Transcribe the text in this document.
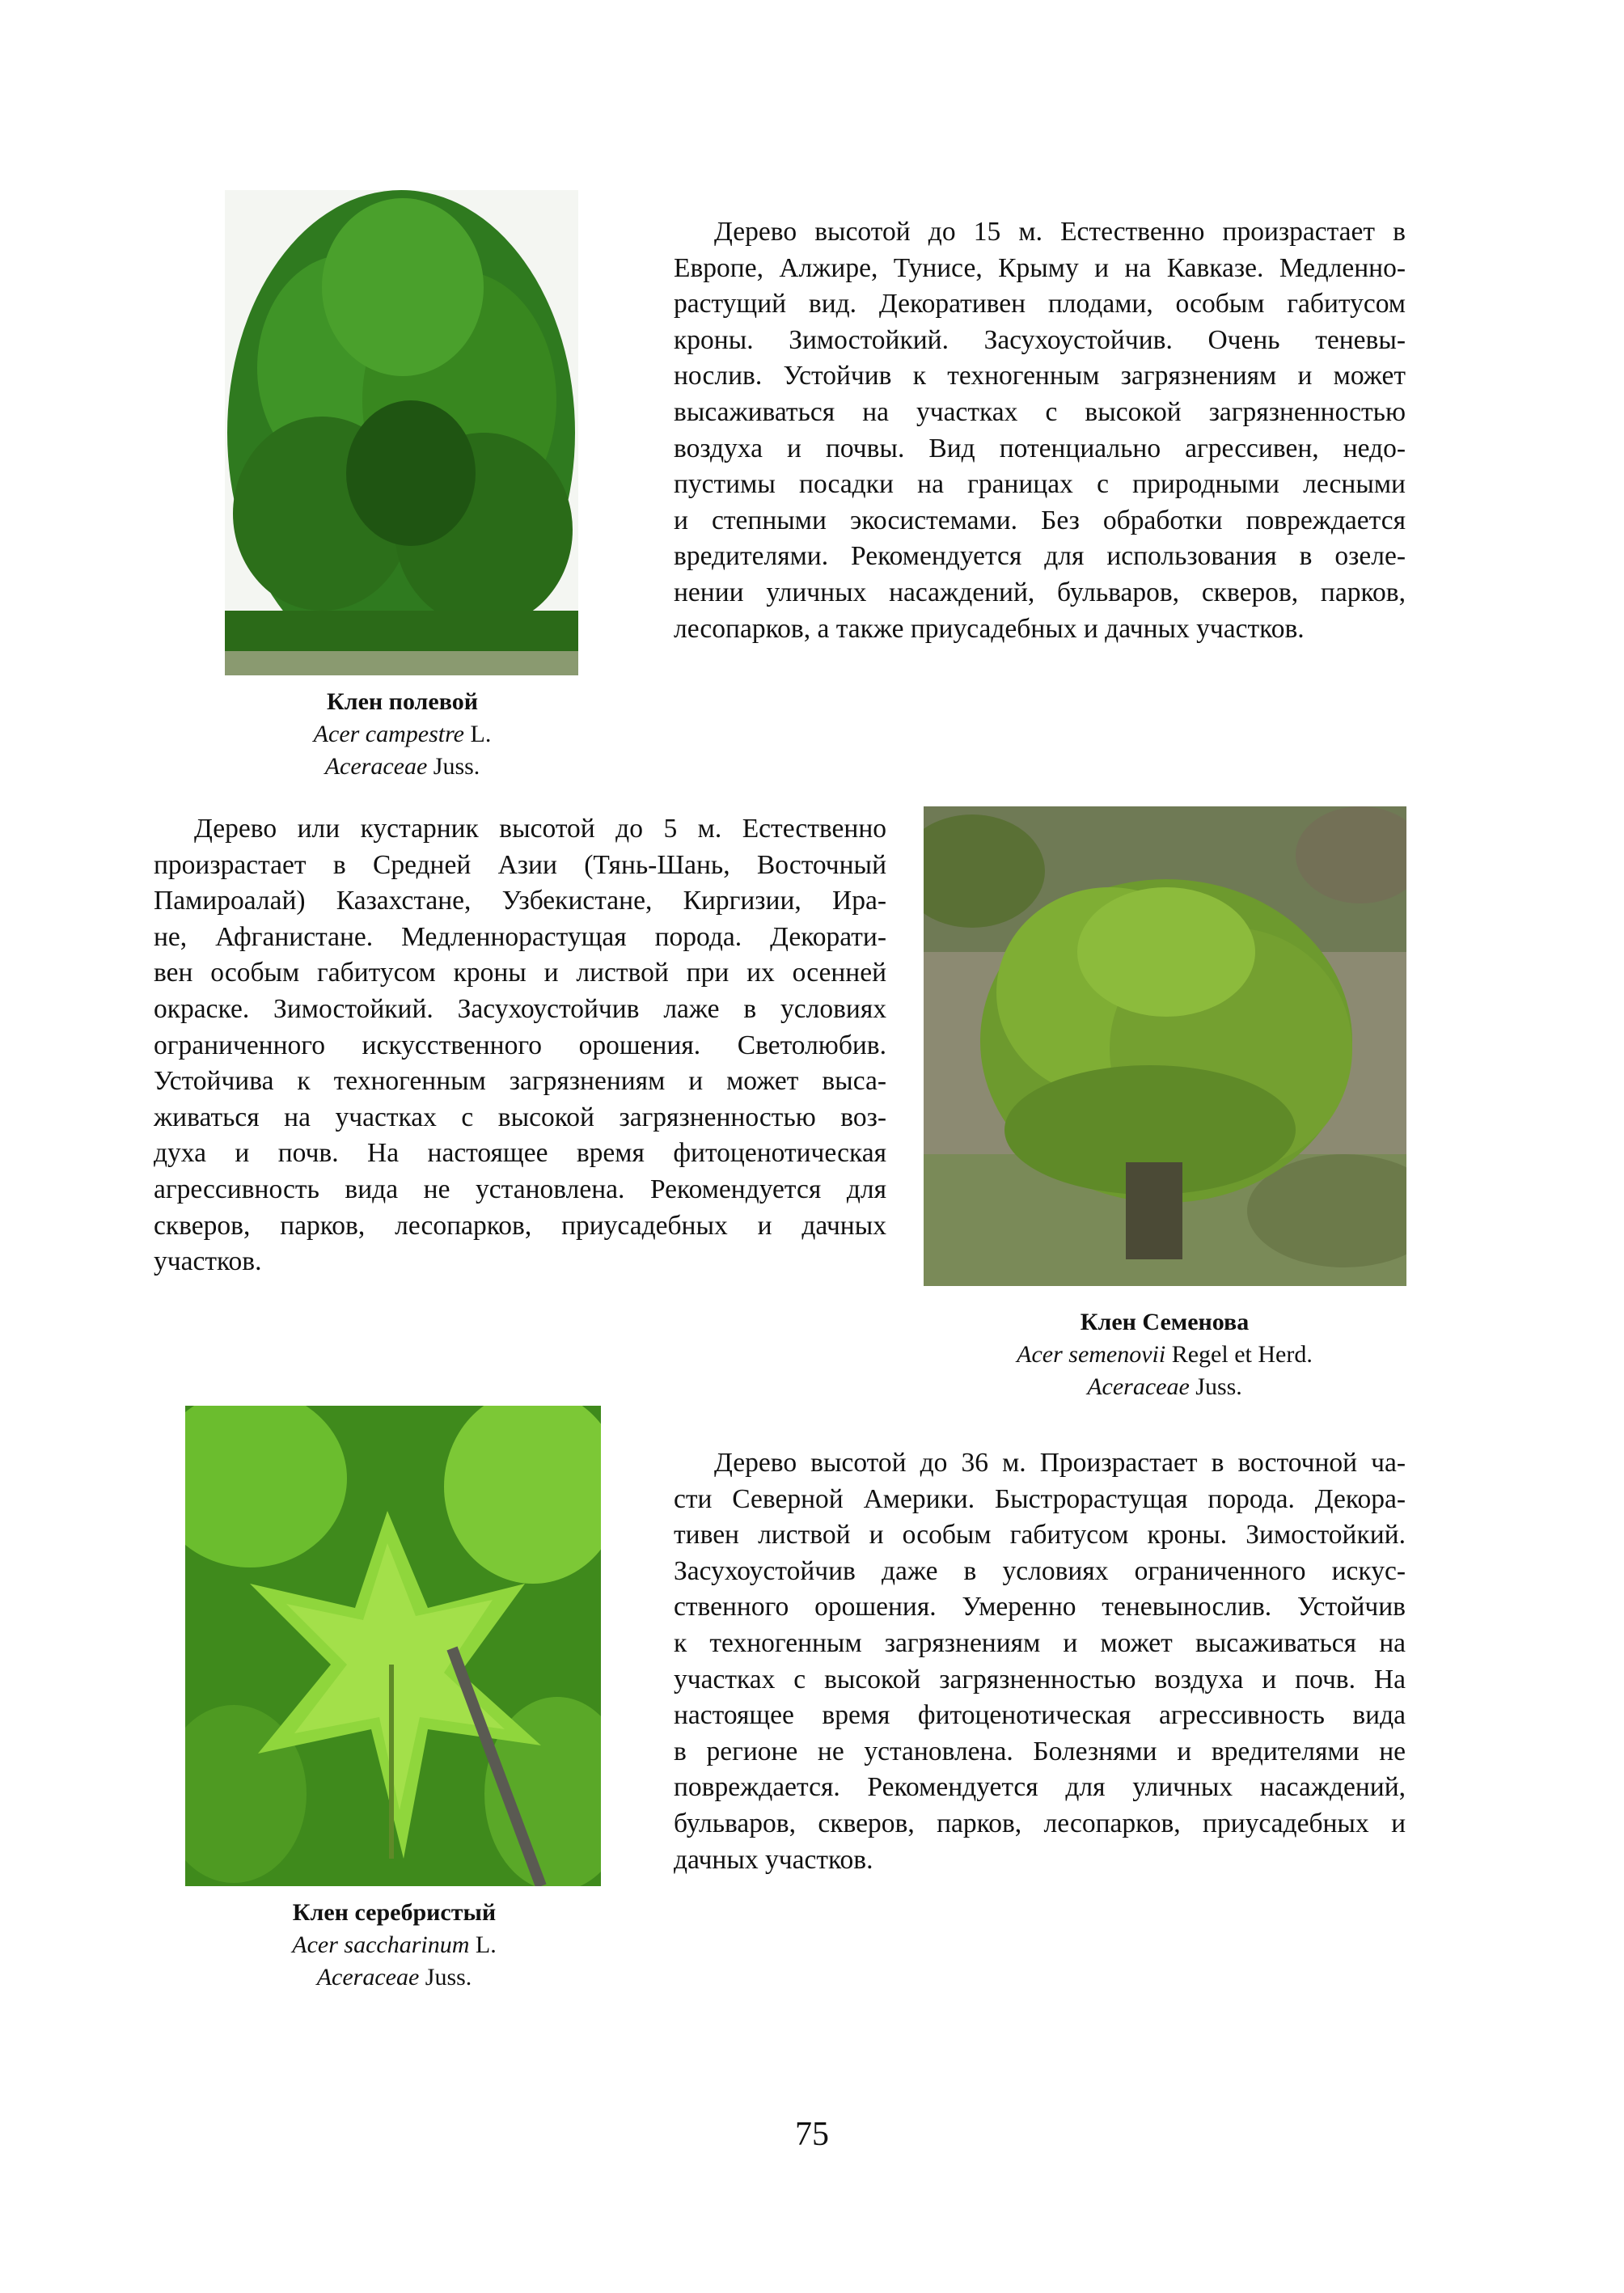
Дерево высотой до 15 м. Естественно произрастает в
Европе, Алжире, Тунисе, Крыму и на Кавказе. Медленно-
растущий вид. Декоративен плодами, особым габитусом
кроны. Зимостойкий. Засухоустойчив. Очень теневы-
нослив. Устойчив к техногенным загрязнениям и может
высаживаться на участках с высокой загрязненностью
воздуха и почвы. Вид потенциально агрессивен, недо-
пустимы посадки на границах с природными лесными
и степными экосистемами. Без обработки повреждается
вредителями. Рекомендуется для использования в озеле-
нении уличных насаждений, бульваров, скверов, парков,
лесопарков, а также приусадебных и дачных участков.

Клен полевой
Acer campestre L.
Aceraceae Juss.

Дерево или кустарник высотой до 5 м. Естественно
произрастает в Средней Азии (Тянь-Шань, Восточный
Памироалай) Казахстане, Узбекистане, Киргизии, Ира-
не, Афганистане. Медленнорастущая порода. Декорати-
вен особым габитусом кроны и листвой при их осенней
окраске. Зимостойкий. Засухоустойчив лаже в условиях
ограниченного искусственного орошения. Светолюбив.
Устойчива к техногенным загрязнениям и может выса-
живаться на участках с высокой загрязненностью воз-
духа и почв. На настоящее время фитоценотическая
агрессивность вида не установлена. Рекомендуется для
скверов, парков, лесопарков, приусадебных и дачных
участков.

Клен Семенова
Acer semenovii Regel et Herd.
Aceraceae Juss.

Дерево высотой до 36 м. Произрастает в восточной ча-
сти Северной Америки. Быстрорастущая порода. Декора-
тивен листвой и особым габитусом кроны. Зимостойкий.
Засухоустойчив даже в условиях ограниченного искус-
ственного орошения. Умеренно теневынослив. Устойчив
к техногенным загрязнениям и может высаживаться на
участках с высокой загрязненностью воздуха и почв. На
настоящее время фитоценотическая агрессивность вида
в регионе не установлена. Болезнями и вредителями не
повреждается. Рекомендуется для уличных насаждений,
бульваров, скверов, парков, лесопарков, приусадебных и
дачных участков.

Клен серебристый
Acer saccharinum L.
Aceraceae Juss.
75
